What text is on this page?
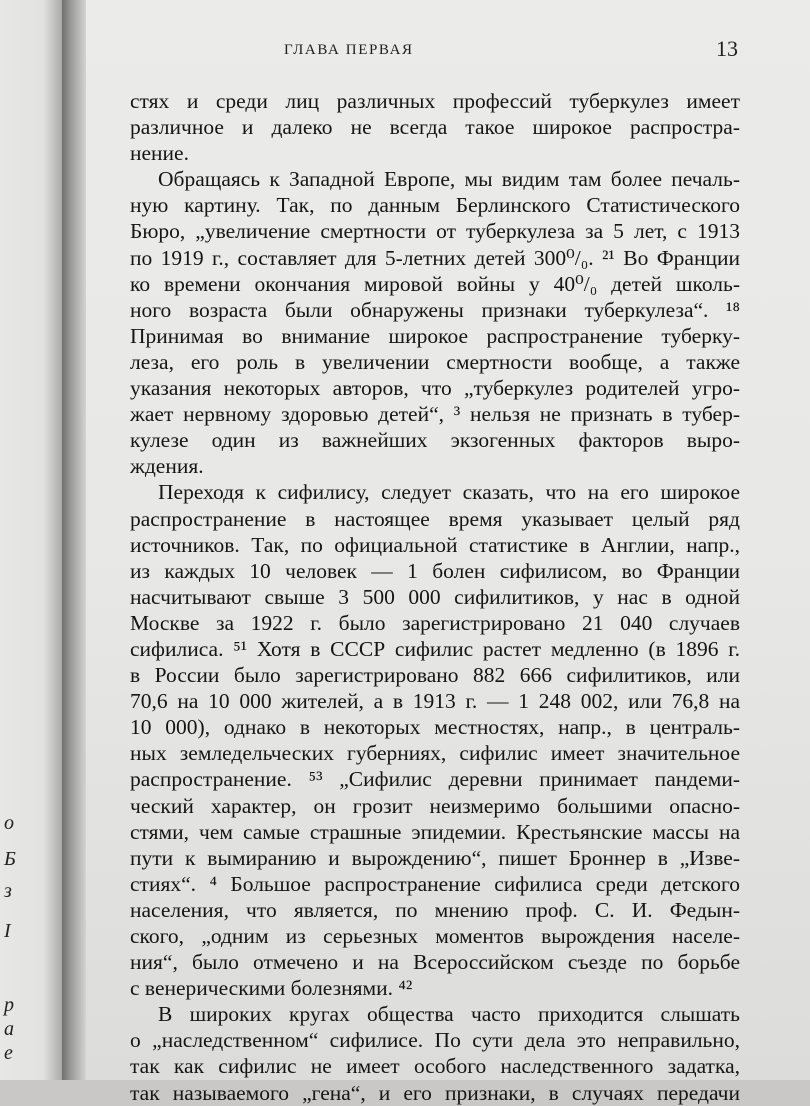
о
Б
з
I
р
а
е
ГЛАВА ПЕРВАЯ	13
стях и среди лиц различных профессий туберкулез имеет
различное и далеко не всегда такое широкое распростра-
нение.
Обращаясь к Западной Европе, мы видим там более печаль-
ную картину. Так, по данным Берлинского Статистического
Бюро, „увеличение смертности от туберкулеза за 5 лет, с 1913
по 1919 г., составляет для 5-летних детей 300⁰/₀. ²¹ Во Франции
ко времени окончания мировой войны у 40⁰/₀ детей школь-
ного возраста были обнаружены признаки туберкулеза“. ¹⁸
Принимая во внимание широкое распространение туберку-
леза, его роль в увеличении смертности вообще, а также
указания некоторых авторов, что „туберкулез родителей угро-
жает нервному здоровью детей“, ³ нельзя не признать в тубер-
кулезе один из важнейших экзогенных факторов выро-
ждения.
Переходя к сифилису, следует сказать, что на его широкое
распространение в настоящее время указывает целый ряд
источников. Так, по официальной статистике в Англии, напр.,
из каждых 10 человек — 1 болен сифилисом, во Франции
насчитывают свыше 3 500 000 сифилитиков, у нас в одной
Москве за 1922 г. было зарегистрировано 21 040 случаев
сифилиса. ⁵¹ Хотя в СССР сифилис растет медленно (в 1896 г.
в России было зарегистрировано 882 666 сифилитиков, или
70,6 на 10 000 жителей, а в 1913 г. — 1 248 002, или 76,8 на
10 000), однако в некоторых местностях, напр., в централь-
ных земледельческих губерниях, сифилис имеет значительное
распространение. ⁵³ „Сифилис деревни принимает пандеми-
ческий характер, он грозит неизмеримо большими опасно-
стями, чем самые страшные эпидемии. Крестьянские массы на
пути к вымиранию и вырождению“, пишет Броннер в „Изве-
стиях“. ⁴ Большое распространение сифилиса среди детского
населения, что является, по мнению проф. С. И. Федын-
ского, „одним из серьезных моментов вырождения населе-
ния“, было отмечено и на Всероссийском съезде по борьбе
с венерическими болезнями. ⁴²
В широких кругах общества часто приходится слышать
о „наследственном“ сифилисе. По сути дела это неправильно,
так как сифилис не имеет особого наследственного задатка,
так называемого „гена“, и его признаки, в случаях передачи
